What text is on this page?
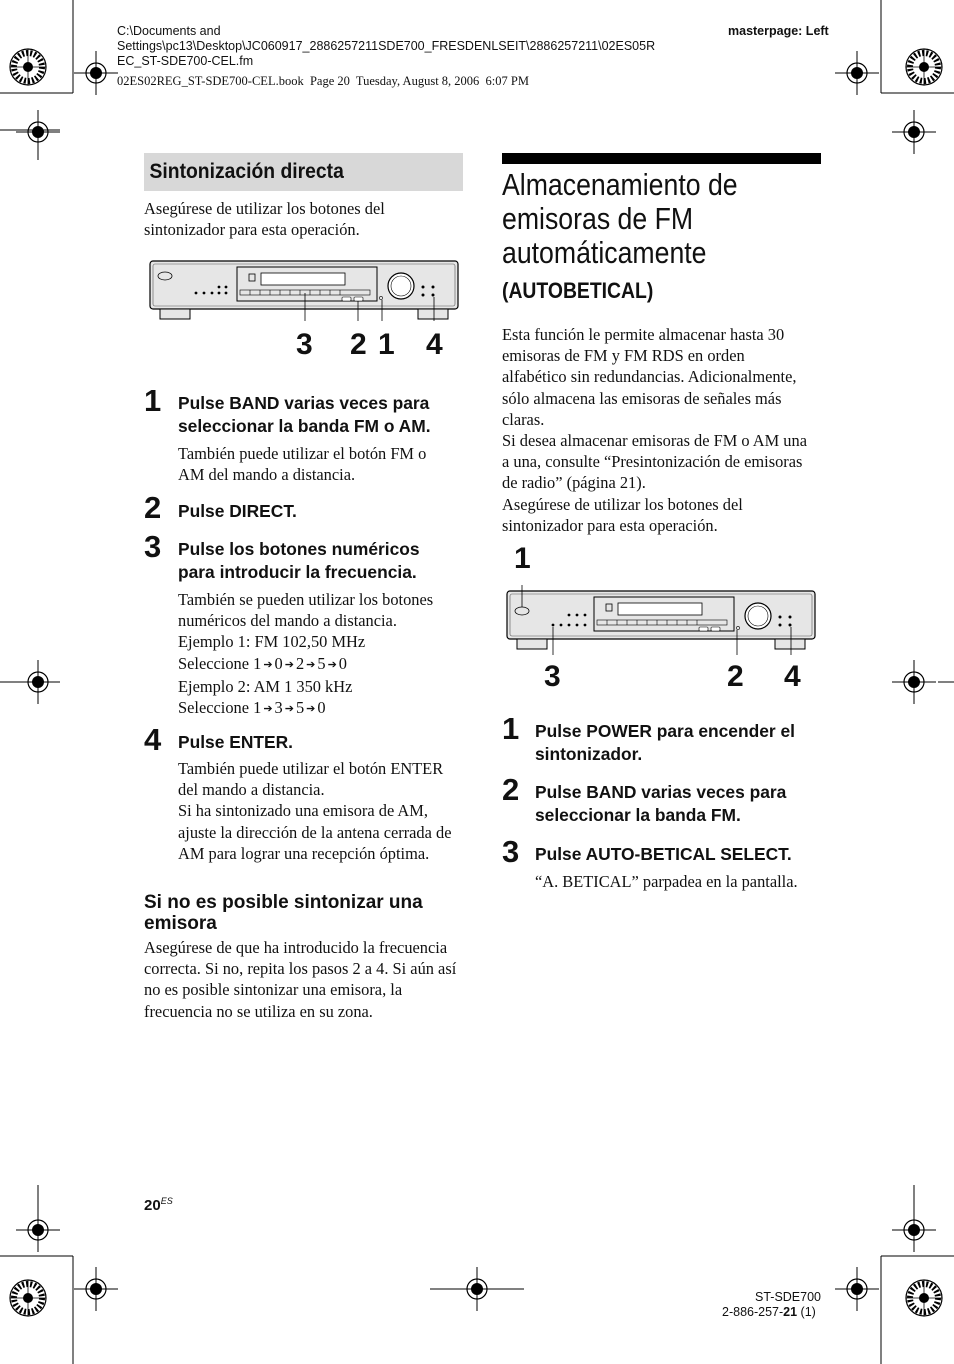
C:\Documents and
Settings\pc13\Desktop\JC060917_2886257211SDE700_FRESDENLSEIT\2886257211\02ES05R
EC_ST-SDE700-CEL.fm
masterpage: Left
02ES02REG_ST-SDE700-CEL.book  Page 20  Tuesday, August 8, 2006  6:07 PM
Sintonización directa
Asegúrese de utilizar los botones del
sintonizador para esta operación.
3 2 1 4
1 Pulse BAND varias veces para
seleccionar la banda FM o AM.
También puede utilizar el botón FM o
AM del mando a distancia.
2 Pulse DIRECT.
3 Pulse los botones numéricos
para introducir la frecuencia.
También se pueden utilizar los botones
numéricos del mando a distancia.
Ejemplo 1: FM 102,50 MHz
Seleccione 1 ➔ 0 ➔ 2 ➔ 5 ➔ 0
Ejemplo 2: AM 1 350 kHz
Seleccione 1 ➔ 3 ➔ 5 ➔ 0
4 Pulse ENTER.
También puede utilizar el botón ENTER
del mando a distancia.
Si ha sintonizado una emisora de AM,
ajuste la dirección de la antena cerrada de
AM para lograr una recepción óptima.
Si no es posible sintonizar una
emisora
Asegúrese de que ha introducido la frecuencia
correcta. Si no, repita los pasos 2 a 4. Si aún así
no es posible sintonizar una emisora, la
frecuencia no se utiliza en su zona.
Almacenamiento de
emisoras de FM
automáticamente
(AUTOBETICAL)
Esta función le permite almacenar hasta 30
emisoras de FM y FM RDS en orden
alfabético sin redundancias. Adicionalmente,
sólo almacena las emisoras de señales más
claras.
Si desea almacenar emisoras de FM o AM una
a una, consulte “Presintonización de emisoras
de radio” (página 21).
Asegúrese de utilizar los botones del
sintonizador para esta operación.
1
3	2 4
1 Pulse POWER para encender el
sintonizador.
2 Pulse BAND varias veces para
seleccionar la banda FM.
3 Pulse AUTO-BETICAL SELECT.
“A. BETICAL” parpadea en la pantalla.
$20^{ES}$
ST-SDE700
2-886-257-21 (1)
